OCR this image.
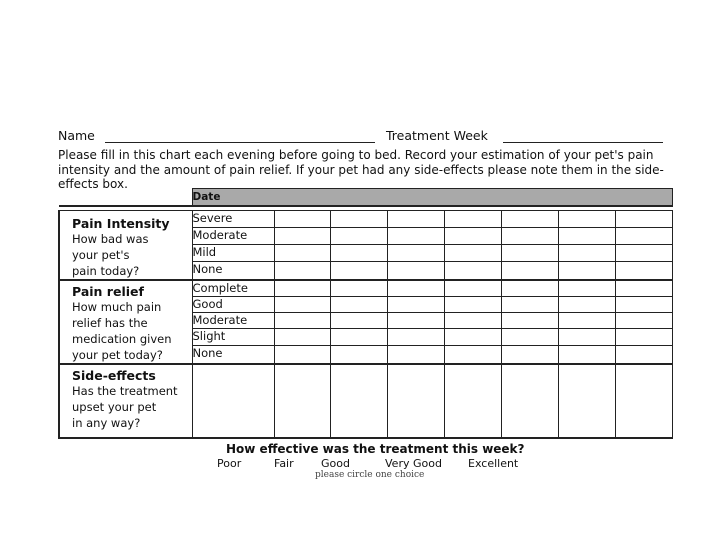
Name	Treatment Week
Please fill in this chart each evening before going to bed. Record your estimation of your pet's pain intensity and the amount of pain relief. If your pet had any side-effects please note them in the side-effects box.
	Date							

Pain Intensity
How bad was
your pet's
pain today?	Severe							
	Moderate							
	Mild							
	None							

Pain relief
How much pain
relief has the
medication given
your pet today?	Complete							
	Good							
	Moderate							
	Slight							
	None							

Side-effects
Has the treatment
upset your pet
in any way?								

How effective was the treatment this week?
Poor	Fair Good	Very Good Excellent
please circle one choice
